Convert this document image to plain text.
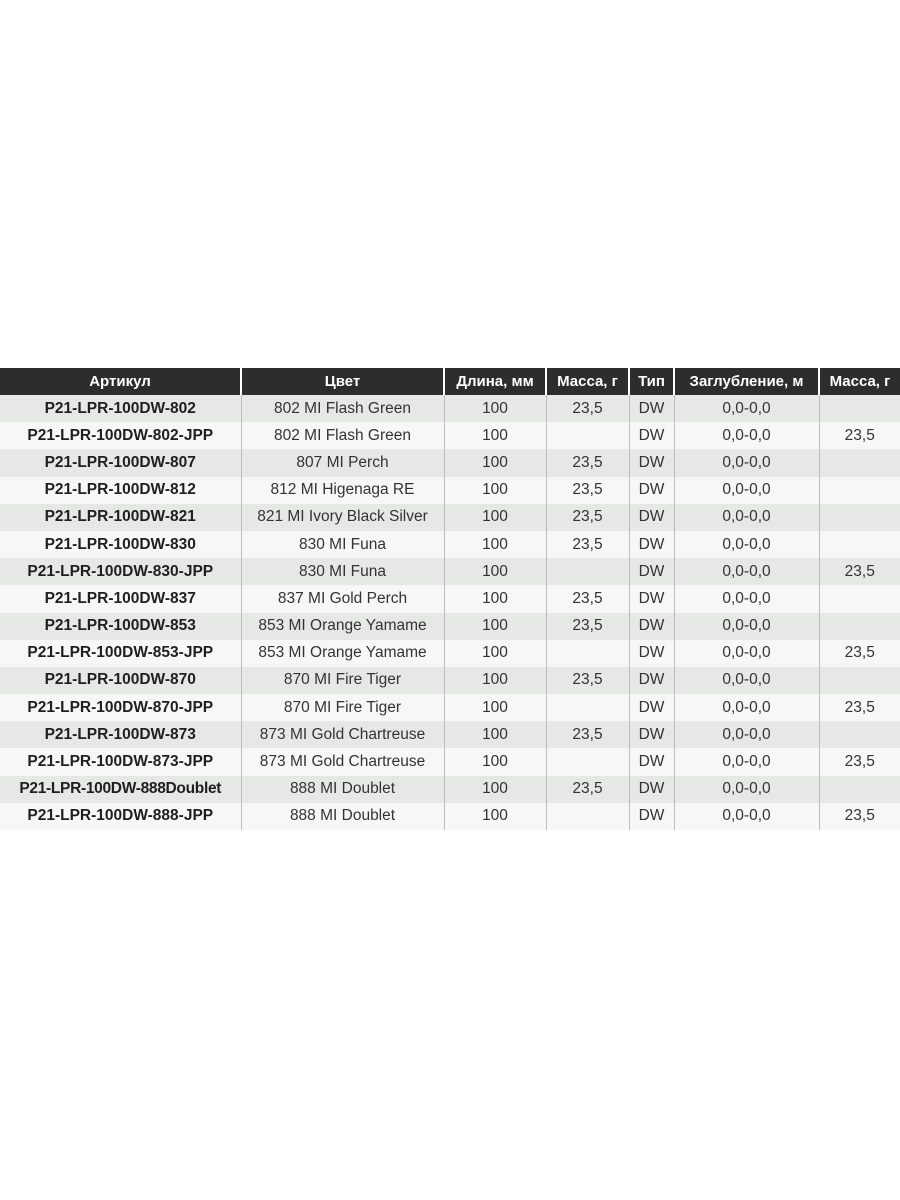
Артикул	Цвет	Длина, мм	Масса, г	Тип	Заглубление, м	Масса, г
P21-LPR-100DW-802	802 MI Flash Green	100	23,5	DW	0,0-0,0	
P21-LPR-100DW-802-JPP	802 MI Flash Green	100		DW	0,0-0,0	23,5
P21-LPR-100DW-807	807 MI Perch	100	23,5	DW	0,0-0,0	
P21-LPR-100DW-812	812 MI Higenaga RE	100	23,5	DW	0,0-0,0	
P21-LPR-100DW-821	821 MI Ivory Black Silver	100	23,5	DW	0,0-0,0	
P21-LPR-100DW-830	830 MI Funa	100	23,5	DW	0,0-0,0	
P21-LPR-100DW-830-JPP	830 MI Funa	100		DW	0,0-0,0	23,5
P21-LPR-100DW-837	837 MI Gold Perch	100	23,5	DW	0,0-0,0	
P21-LPR-100DW-853	853 MI Orange Yamame	100	23,5	DW	0,0-0,0	
P21-LPR-100DW-853-JPP	853 MI Orange Yamame	100		DW	0,0-0,0	23,5
P21-LPR-100DW-870	870 MI Fire Tiger	100	23,5	DW	0,0-0,0	
P21-LPR-100DW-870-JPP	870 MI Fire Tiger	100		DW	0,0-0,0	23,5
P21-LPR-100DW-873	873 MI Gold Chartreuse	100	23,5	DW	0,0-0,0	
P21-LPR-100DW-873-JPP	873 MI Gold Chartreuse	100		DW	0,0-0,0	23,5
P21-LPR-100DW-888Doublet	888 MI Doublet	100	23,5	DW	0,0-0,0	
P21-LPR-100DW-888-JPP	888 MI Doublet	100		DW	0,0-0,0	23,5
